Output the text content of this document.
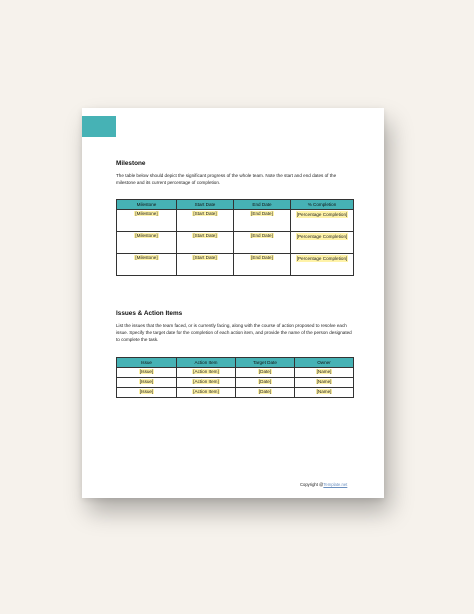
Milestone
The table below should depict the significant progress of the whole team. Note the start and end dates of the milestone and its current percentage of completion.
Milestone	Start Date	End Date	% Completion
[Milestone]	[Start Date]	[End Date]	[Percentage Completion]
[Milestone]	[Start Date]	[End Date]	[Percentage Completion]
[Milestone]	[Start Date]	[End Date]	[Percentage Completion]
Issues & Action Items
List the issues that the team faced, or is currently facing, along with the course of action proposed to resolve each issue. Specify the target date for the completion of each action item, and provide the name of the person designated to complete the task.
Issue	Action Item	Target Date	Owner
[Issue]	[Action Item]	[Date]	[Name]
[Issue]	[Action Item]	[Date]	[Name]
[Issue]	[Action Item]	[Date]	[Name]
Copyright @Template.net
